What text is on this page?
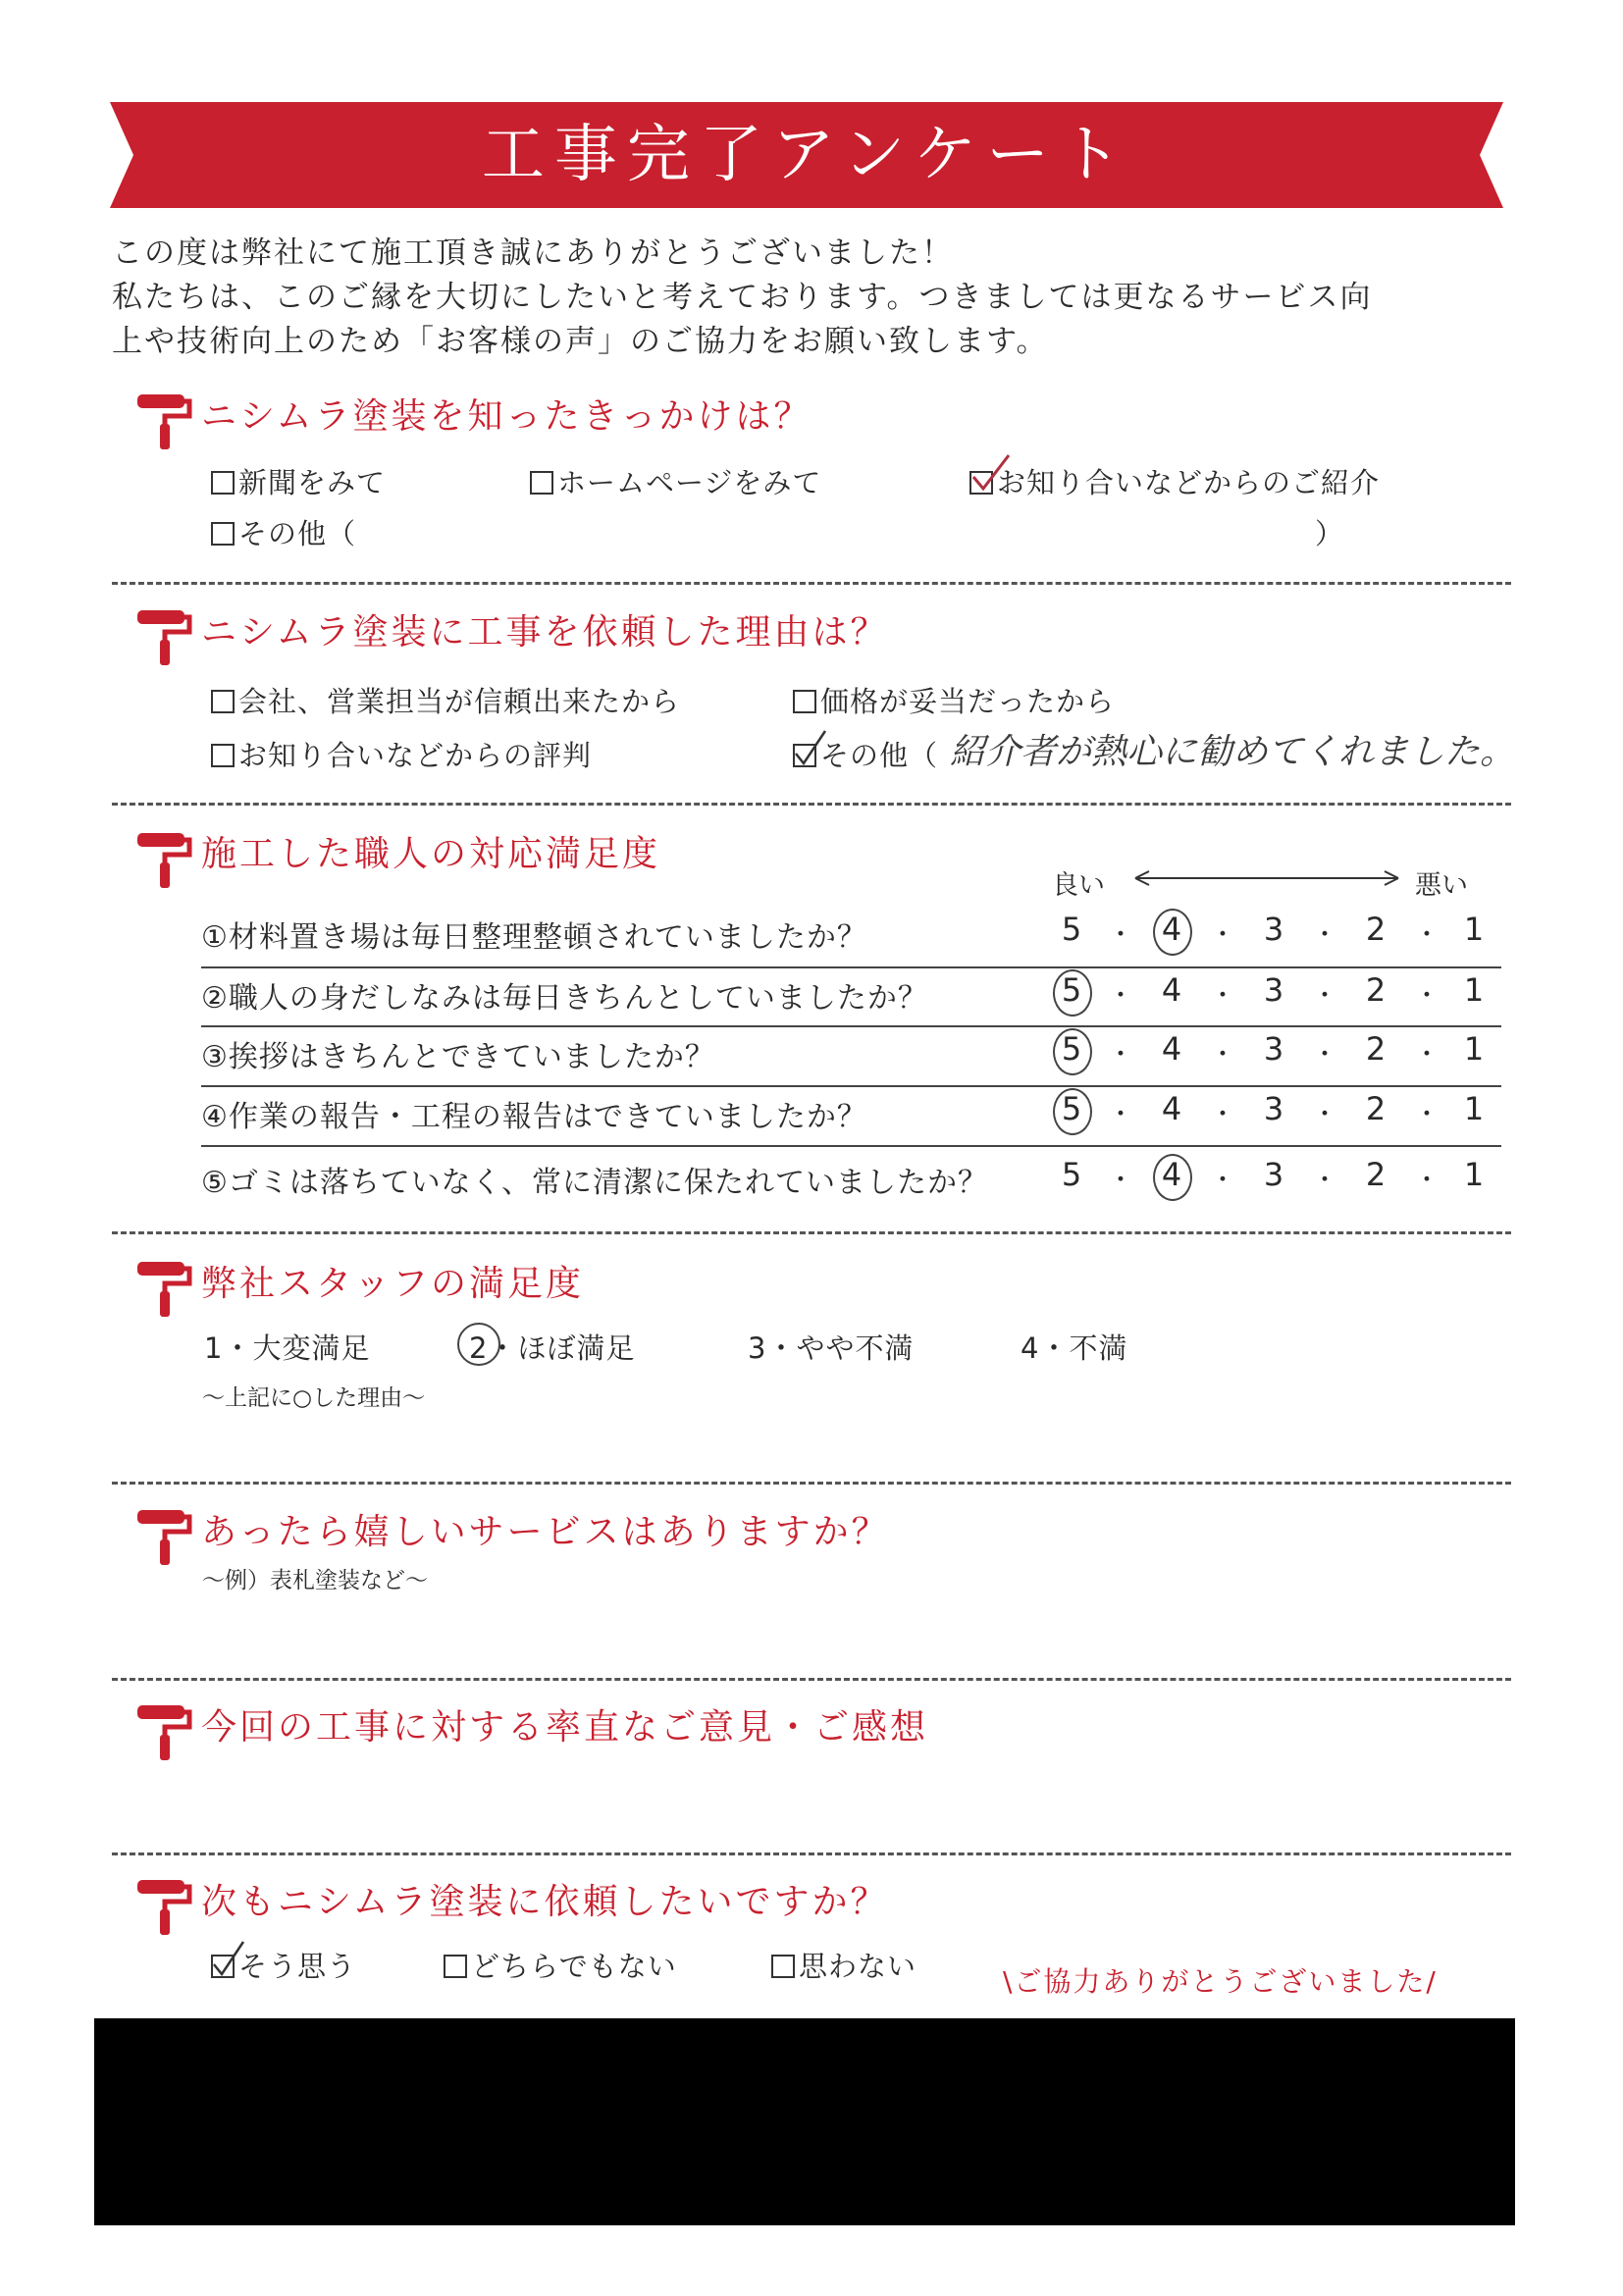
工事完了アンケート
この度は弊社にて施工頂き誠にありがとうございました！
私たちは、このご縁を大切にしたいと考えております。つきましては更なるサービス向
上や技術向上のため「お客様の声」のご協力をお願い致します。
ニシムラ塗装を知ったきっかけは？
新聞をみて	ホームページをみて	お知り合いなどからのご紹介
その他（	）
ニシムラ塗装に工事を依頼した理由は？
会社、営業担当が信頼出来たから	価格が妥当だったから
お知り合いなどからの評判	その他（ 紹介者が熱心に勧めてくれました。
施工した職人の対応満足度
良い	悪い
①材料置き場は毎日整理整頓されていましたか？	5	4	3	2	1
・	・	・	・
②職人の身だしなみは毎日きちんとしていましたか？	5	4	3	2	1
・	・	・	・
③挨拶はきちんとできていましたか？	5	4	3	2	1
・	・	・	・
④作業の報告・工程の報告はできていましたか？	5	4	3	2	1
・	・	・	・
⑤ゴミは落ちていなく、常に清潔に保たれていましたか？	5	4	3	2	1
・	・	・	・
弊社スタッフの満足度
1・大変満足	2・ほぼ満足	3・やや不満	4・不満
～上記に○した理由～
あったら嬉しいサービスはありますか？
～例）表札塗装など～
今回の工事に対する率直なご意見・ご感想
次もニシムラ塗装に依頼したいですか？
そう思う	どちらでもない	思わない	\ご協力ありがとうございました/
